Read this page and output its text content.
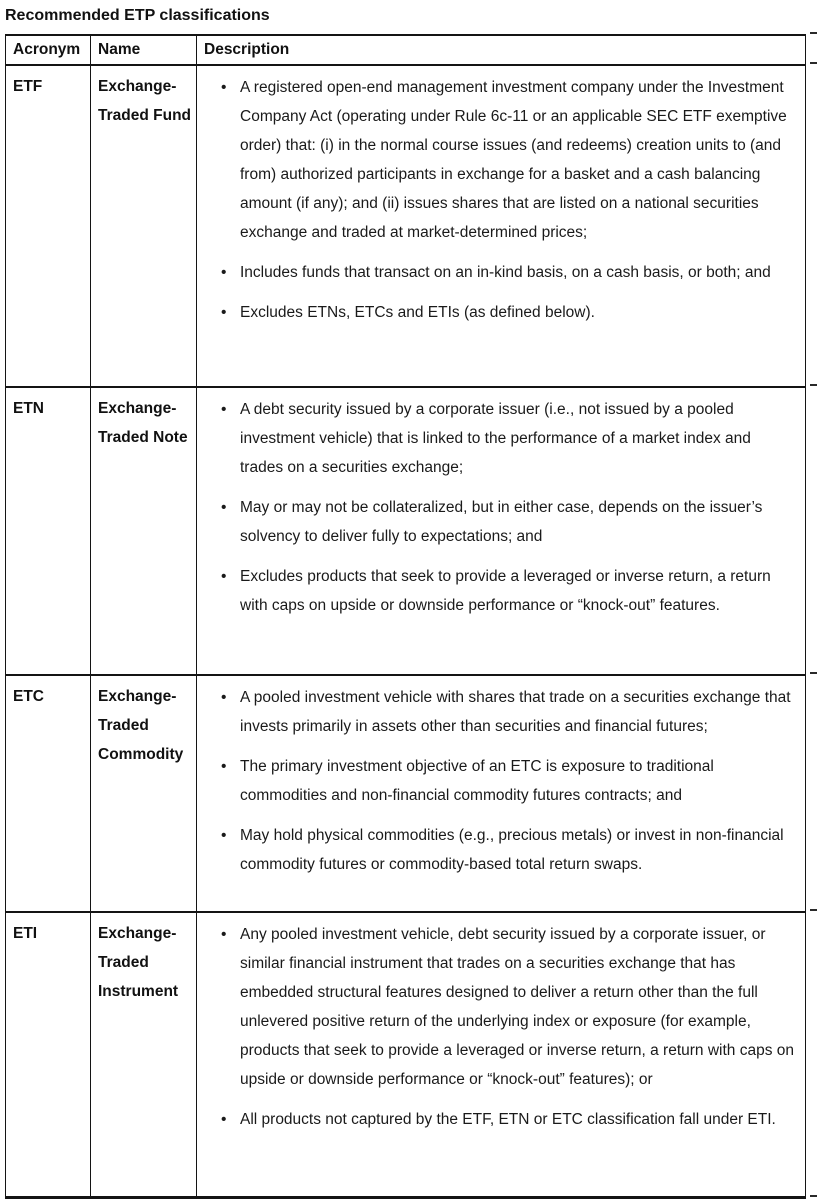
Recommended ETP classifications
Acronym	Name	Description
ETF	Exchange-Traded Fund	• A registered open-end management investment company under the Investment Company Act (operating under Rule 6c-11 or an applicable SEC ETF exemptive order) that: (i) in the normal course issues (and redeems) creation units to (and from) authorized participants in exchange for a basket and a cash balancing amount (if any); and (ii) issues shares that are listed on a national securities exchange and traded at market-determined prices;
• Includes funds that transact on an in-kind basis, on a cash basis, or both; and
• Excludes ETNs, ETCs and ETIs (as defined below).

ETN	Exchange-Traded Note	• A debt security issued by a corporate issuer (i.e., not issued by a pooled investment vehicle) that is linked to the performance of a market index and trades on a securities exchange;
• May or may not be collateralized, but in either case, depends on the issuer’s solvency to deliver fully to expectations; and
• Excludes products that seek to provide a leveraged or inverse return, a return with caps on upside or downside performance or “knock-out” features.

ETC	Exchange-Traded Commodity	• A pooled investment vehicle with shares that trade on a securities exchange that invests primarily in assets other than securities and financial futures;
• The primary investment objective of an ETC is exposure to traditional commodities and non-financial commodity futures contracts; and
• May hold physical commodities (e.g., precious metals) or invest in non-financial commodity futures or commodity-based total return swaps.

ETI	Exchange-Traded Instrument	• Any pooled investment vehicle, debt security issued by a corporate issuer, or similar financial instrument that trades on a securities exchange that has embedded structural features designed to deliver a return other than the full unlevered positive return of the underlying index or exposure (for example, products that seek to provide a leveraged or inverse return, a return with caps on upside or downside performance or “knock-out” features); or
• All products not captured by the ETF, ETN or ETC classification fall under ETI.
